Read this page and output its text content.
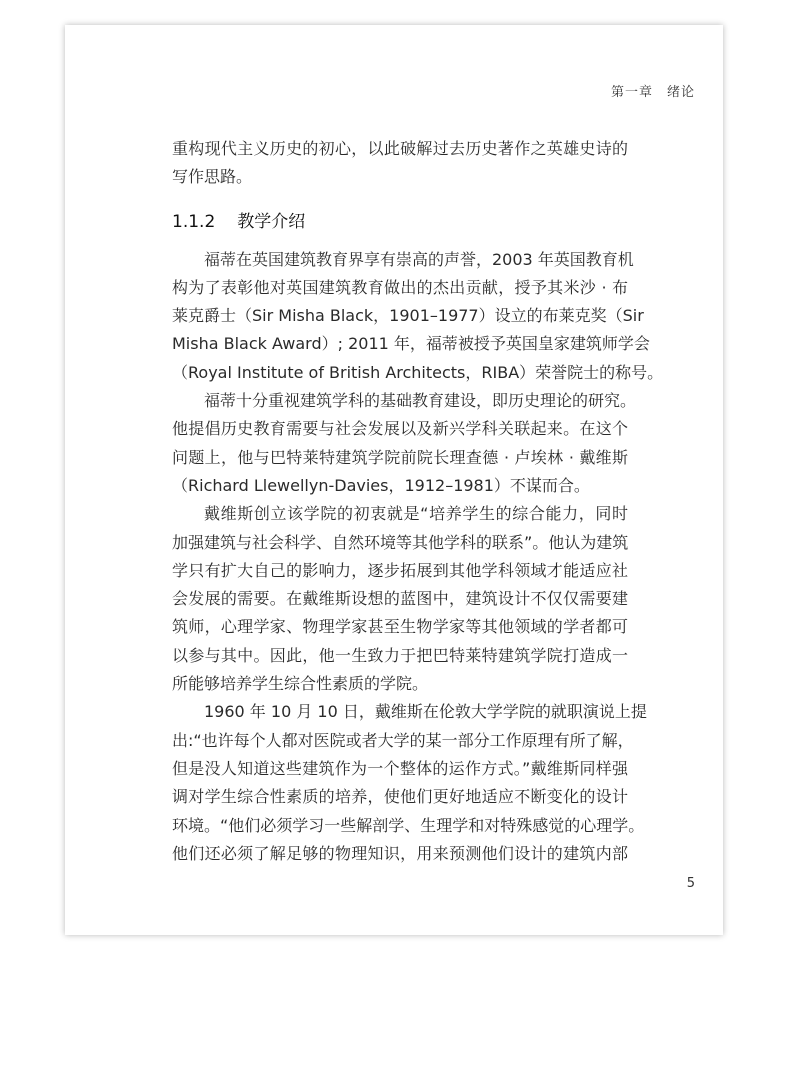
第一章 绪论
重构现代主义历史的初心，以此破解过去历史著作之英雄史诗的
写作思路。
1.1.2 教学介绍
福蒂在英国建筑教育界享有崇高的声誉，2003 年英国教育机
构为了表彰他对英国建筑教育做出的杰出贡献，授予其米沙 · 布
莱克爵士（Sir Misha Black，1901–1977）设立的布莱克奖（Sir
Misha Black Award）; 2011 年，福蒂被授予英国皇家建筑师学会
（Royal Institute of British Architects，RIBA）荣誉院士的称号。
福蒂十分重视建筑学科的基础教育建设，即历史理论的研究。
他提倡历史教育需要与社会发展以及新兴学科关联起来。在这个
问题上，他与巴特莱特建筑学院前院长理查德 · 卢埃林 · 戴维斯
（Richard Llewellyn-Davies，1912–1981）不谋而合。
戴维斯创立该学院的初衷就是“培养学生的综合能力，同时
加强建筑与社会科学、自然环境等其他学科的联系”。他认为建筑
学只有扩大自己的影响力，逐步拓展到其他学科领域才能适应社
会发展的需要。在戴维斯设想的蓝图中，建筑设计不仅仅需要建
筑师，心理学家、物理学家甚至生物学家等其他领域的学者都可
以参与其中。因此，他一生致力于把巴特莱特建筑学院打造成一
所能够培养学生综合性素质的学院。
1960 年 10 月 10 日，戴维斯在伦敦大学学院的就职演说上提
出:“也许每个人都对医院或者大学的某一部分工作原理有所了解，
但是没人知道这些建筑作为一个整体的运作方式。”戴维斯同样强
调对学生综合性素质的培养，使他们更好地适应不断变化的设计
环境。“他们必须学习一些解剖学、生理学和对特殊感觉的心理学。
他们还必须了解足够的物理知识，用来预测他们设计的建筑内部
5
